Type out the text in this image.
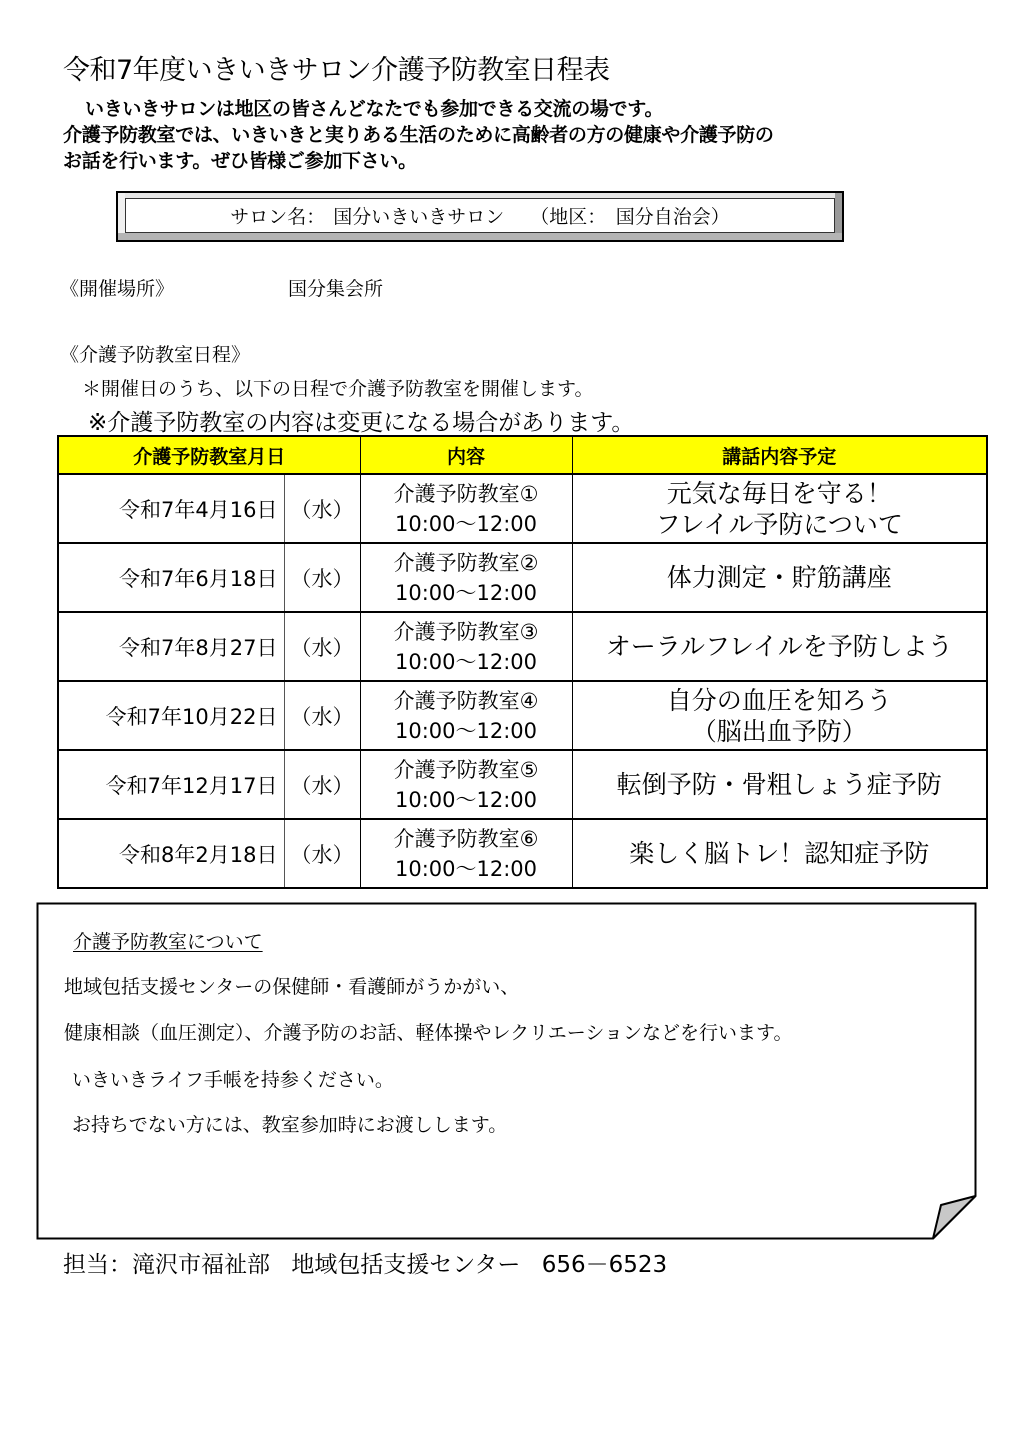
令和7年度いきいきサロン介護予防教室日程表
いきいきサロンは地区の皆さんどなたでも参加できる交流の場です。
介護予防教室では、いきいきと実りある生活のために高齢者の方の健康や介護予防の
お話を行います。ぜひ皆様ご参加下さい。
サロン名： 国分いきいきサロン （地区：　国分自治会）
《開催場所》	国分集会所
《介護予防教室日程》
＊開催日のうち、以下の日程で介護予防教室を開催します。
※介護予防教室の内容は変更になる場合があります。
介護予防教室月日		内容	講話内容予定
令和7年4月16日	（水）	
介護予防教室①
10:00～12:00

元気な毎日を守る！
フレイル予防について

令和7年6月18日	（水）	介護予防教室②
10:00～12:00	体力測定・貯筋講座

令和7年8月27日	（水）	介護予防教室③
10:00～12:00	オーラルフレイルを予防しよう

令和7年10月22日	（水）	
介護予防教室④
10:00～12:00

自分の血圧を知ろう
（脳出血予防）

令和7年12月17日	（水）	介護予防教室⑤
10:00～12:00	転倒予防・骨粗しょう症予防

令和8年2月18日	（水）	介護予防教室⑥
10:00～12:00	楽しく脳トレ！認知症予防
介護予防教室について
地域包括支援センターの保健師・看護師がうかがい、
健康相談（血圧測定）、介護予防のお話、軽体操やレクリエーションなどを行います。
いきいきライフ手帳を持参ください。
お持ちでない方には、教室参加時にお渡しします。
担当：滝沢市福祉部 地域包括支援センター 656－6523
